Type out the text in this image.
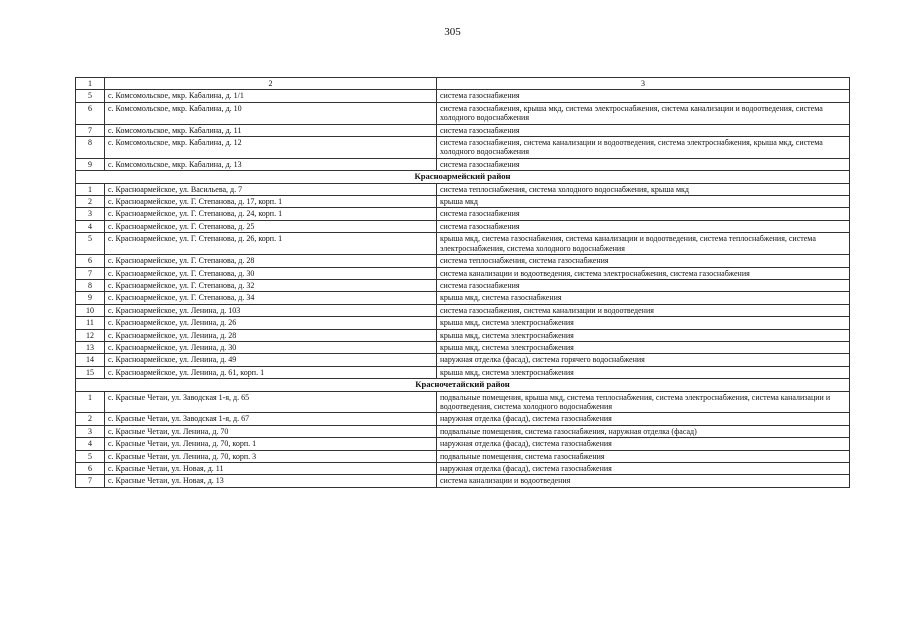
305
1	2	3
5	с. Комсомольское, мкр. Кабалина, д. 1/1	система газоснабжения
6	с. Комсомольское, мкр. Кабалина, д. 10	система газоснабжения, крыша мкд, система электроснабжения, система канализации и водоотведения, система холодного водоснабжения
7	с. Комсомольское, мкр. Кабалина, д. 11	система газоснабжения
8	с. Комсомольское, мкр. Кабалина, д. 12	система газоснабжения, система канализации и водоотведения, система электроснабжения, крыша мкд, система холодного водоснабжения
9	с. Комсомольское, мкр. Кабалина, д. 13	система газоснабжения
Красноармейский район		
1	с. Красноармейское, ул. Васильева, д. 7	система теплоснабжения, система холодного водоснабжения, крыша мкд
2	с. Красноармейское, ул. Г. Степанова, д. 17, корп. 1	крыша мкд
3	с. Красноармейское, ул. Г. Степанова, д. 24, корп. 1	система газоснабжения
4	с. Красноармейское, ул. Г. Степанова, д. 25	система газоснабжения
5	с. Красноармейское, ул. Г. Степанова, д. 26, корп. 1	крыша мкд, система газоснабжения, система канализации и водоотведения, система теплоснабжения, система электроснабжения, система холодного водоснабжения
6	с. Красноармейское, ул. Г. Степанова, д. 28	система теплоснабжения, система газоснабжения
7	с. Красноармейское, ул. Г. Степанова, д. 30	система канализации и водоотведения, система электроснабжения, система газоснабжения
8	с. Красноармейское, ул. Г. Степанова, д. 32	система газоснабжения
9	с. Красноармейское, ул. Г. Степанова, д. 34	крыша мкд, система газоснабжения
10	с. Красноармейское, ул. Ленина, д. 103	система газоснабжения, система канализации и водоотведения
11	с. Красноармейское, ул. Ленина, д. 26	крыша мкд, система электроснабжения
12	с. Красноармейское, ул. Ленина, д. 28	крыша мкд, система электроснабжения
13	с. Красноармейское, ул. Ленина, д. 30	крыша мкд, система электроснабжения
14	с. Красноармейское, ул. Ленина, д. 49	наружная отделка (фасад), система горячего водоснабжения
15	с. Красноармейское, ул. Ленина, д. 61, корп. 1	крыша мкд, система электроснабжения
Красночетайский район		
1	с. Красные Четаи, ул. Заводская 1-я, д. 65	подвальные помещения, крыша мкд, система теплоснабжения, система электроснабжения, система канализации и водоотведения, система холодного водоснабжения
2	с. Красные Четаи, ул. Заводская 1-я, д. 67	наружная отделка (фасад), система газоснабжения
3	с. Красные Четаи, ул. Ленина, д. 70	подвальные помещения, система газоснабжения, наружная отделка (фасад)
4	с. Красные Четаи, ул. Ленина, д. 70, корп. 1	наружная отделка (фасад), система газоснабжения
5	с. Красные Четаи, ул. Ленина, д. 70, корп. 3	подвальные помещения, система газоснабжения
6	с. Красные Четаи, ул. Новая, д. 11	наружная отделка (фасад), система газоснабжения
7	с. Красные Четаи, ул. Новая, д. 13	система канализации и водоотведения
